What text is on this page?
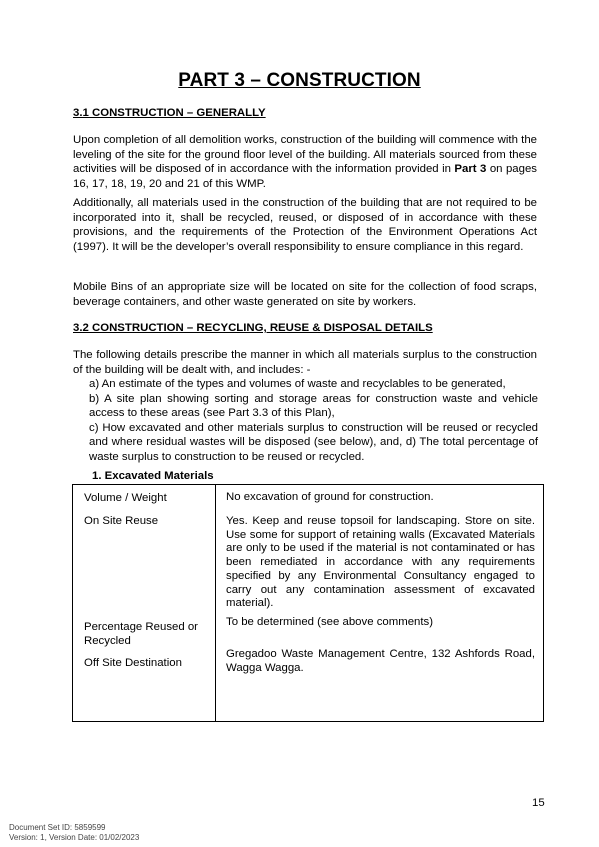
PART 3 – CONSTRUCTION
3.1 CONSTRUCTION – GENERALLY

Upon completion of all demolition works, construction of the building will commence with the leveling of the site for the ground floor level of the building. All materials sourced from these activities will be disposed of in accordance with the information provided in Part 3 on pages 16, 17, 18, 19, 20 and 21 of this WMP.

Additionally, all materials used in the construction of the building that are not required to be incorporated into it, shall be recycled, reused, or disposed of in accordance with these provisions, and the requirements of the Protection of the Environment Operations Act (1997). It will be the developer’s overall responsibility to ensure compliance in this regard.

Mobile Bins of an appropriate size will be located on site for the collection of food scraps, beverage containers, and other waste generated on site by workers.

3.2 CONSTRUCTION – RECYCLING, REUSE & DISPOSAL DETAILS

The following details prescribe the manner in which all materials surplus to the construction of the building will be dealt with, and includes: -

a) An estimate of the types and volumes of waste and recyclables to be generated,
b) A site plan showing sorting and storage areas for construction waste and vehicle access to these areas (see Part 3.3 of this Plan),
c) How excavated and other materials surplus to construction will be reused or recycled and where residual wastes will be disposed (see below), and, d) The total percentage of waste surplus to construction to be reused or recycled.
1. Excavated Materials
Volume / Weight	No excavation of ground for construction.
On Site Reuse	Yes. Keep and reuse topsoil for landscaping. Store on site. Use some for support of retaining walls (Excavated Materials are only to be used if the material is not contaminated or has been remediated in accordance with any requirements specified by any Environmental Consultancy engaged to carry out any contamination assessment of excavated material).
Percentage Reused or Recycled
To be determined (see above comments)
Off Site Destination
Gregadoo Waste Management Centre, 132 Ashfords Road, Wagga Wagga.
15
Document Set ID: 5859599
Version: 1, Version Date: 01/02/2023
